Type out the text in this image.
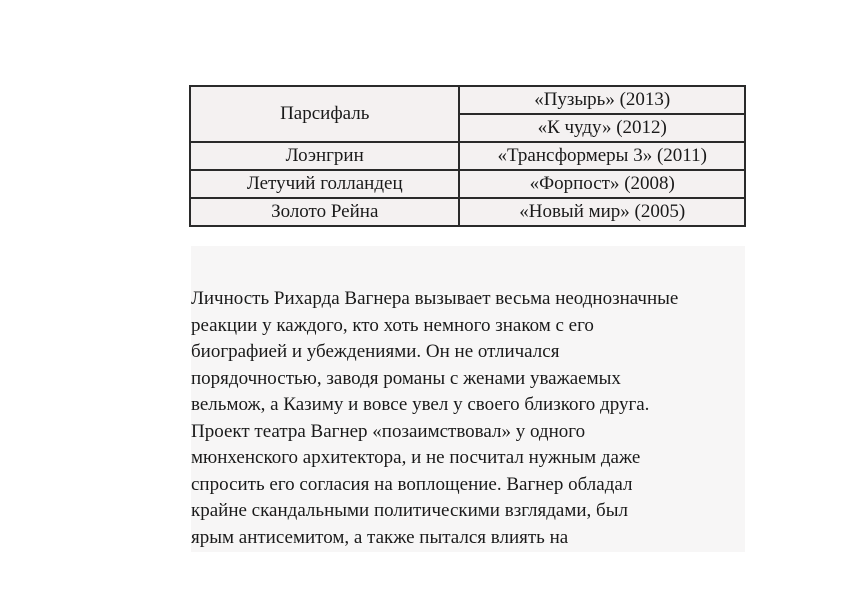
Парсифаль	«Пузырь» (2013)
	«К чуду» (2012)
Лоэнгрин	«Трансформеры 3» (2011)
Летучий голландец	«Форпост» (2008)
Золото Рейна	«Новый мир» (2005)
Личность Рихарда Вагнера вызывает весьма неоднозначные
реакции у каждого, кто хоть немного знаком с его
биографией и убеждениями. Он не отличался
порядочностью, заводя романы с женами уважаемых
вельмож, а Казиму и вовсе увел у своего близкого друга.
Проект театра Вагнер «позаимствовал» у одного
мюнхенского архитектора, и не посчитал нужным даже
спросить его согласия на воплощение. Вагнер обладал
крайне скандальными политическими взглядами, был
ярым антисемитом, а также пытался влиять на
